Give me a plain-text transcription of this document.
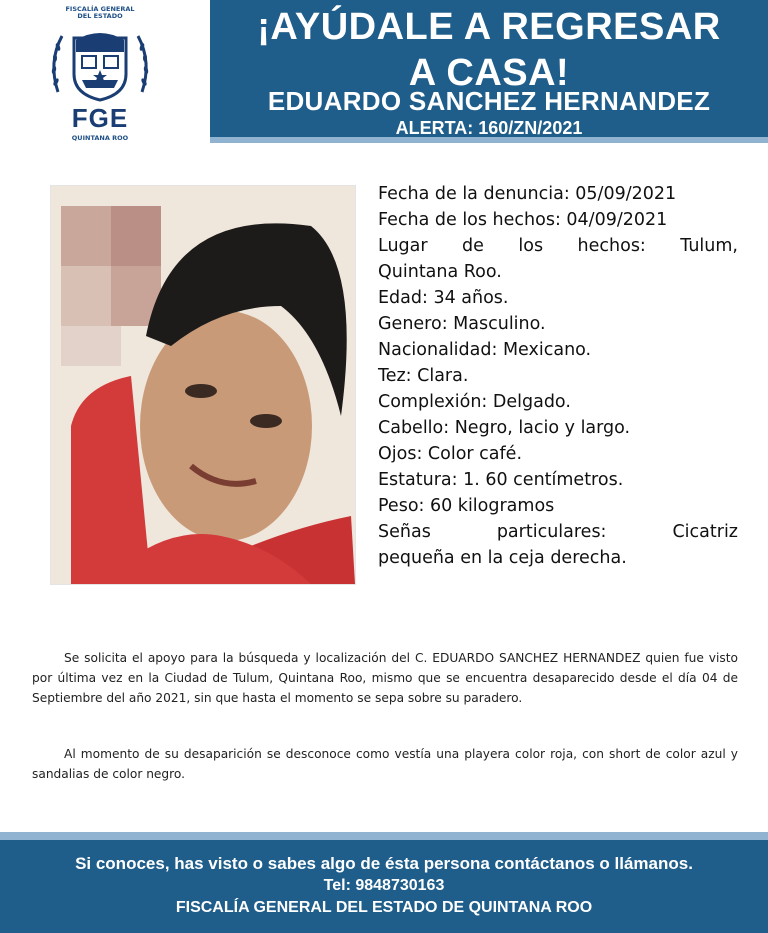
FISCALÍA GENERAL
DEL ESTADO
FGE
QUINTANA ROO
¡AYÚDALE A REGRESAR
A CASA!
EDUARDO SANCHEZ HERNANDEZ
ALERTA: 160/ZN/2021
Fecha de la denuncia: 05/09/2021
Fecha de los hechos: 04/09/2021
Lugar de los hechos: Tulum,
Quintana Roo.
Edad: 34 años.
Genero: Masculino.
Nacionalidad: Mexicano.
Tez: Clara.
Complexión: Delgado.
Cabello: Negro, lacio y largo.
Ojos: Color café.
Estatura: 1. 60 centímetros.
Peso: 60 kilogramos
Señas particulares: Cicatriz
pequeña en la ceja derecha.
Se solicita el apoyo para la búsqueda y localización del C. EDUARDO SANCHEZ HERNANDEZ quien fue visto por última vez en la Ciudad de Tulum, Quintana Roo, mismo que se encuentra desaparecido desde el día 04 de Septiembre del año 2021, sin que hasta el momento se sepa sobre su paradero.
Al momento de su desaparición se desconoce como vestía una playera color roja, con short de color azul y sandalias de color negro.
Si conoces, has visto o sabes algo de ésta persona contáctanos o llámanos.
Tel: 9848730163
FISCALÍA GENERAL DEL ESTADO DE QUINTANA ROO
